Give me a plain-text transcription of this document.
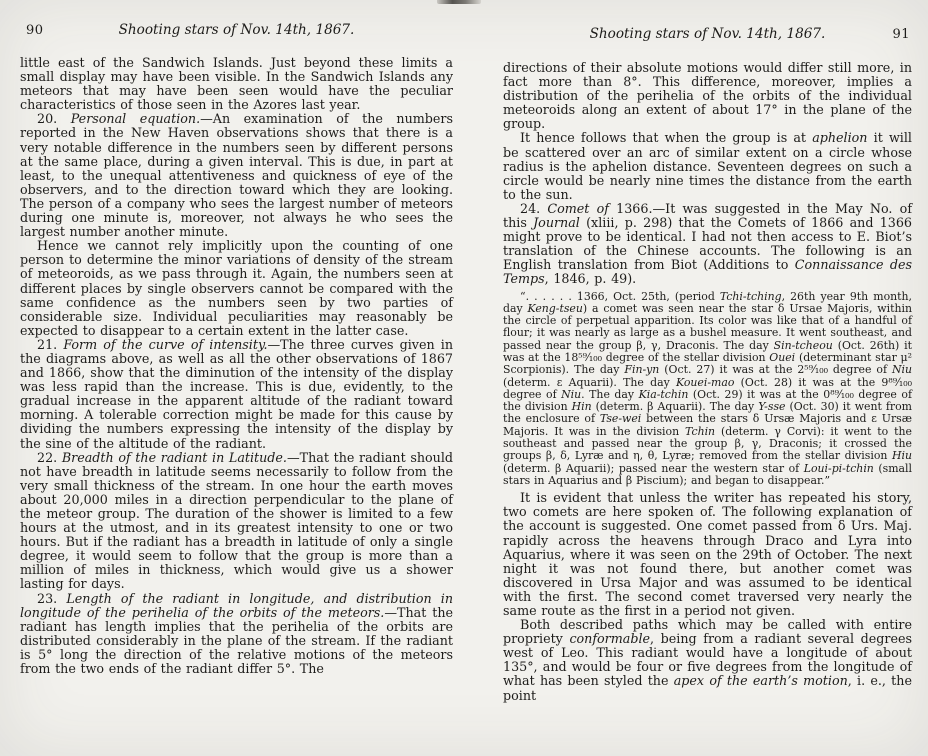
90	Shooting stars of Nov. 14th, 1867.

little east of the Sandwich Islands. Just beyond these limits a small display may have been visible. In the Sandwich Islands any meteors that may have been seen would have the peculiar characteristics of those seen in the Azores last year.

20. Personal equation.—An examination of the numbers reported in the New Haven observations shows that there is a very notable difference in the numbers seen by different persons at the same place, during a given interval. This is due, in part at least, to the unequal attentiveness and quickness of eye of the observers, and to the direction toward which they are looking. The person of a company who sees the largest number of meteors during one minute is, moreover, not always he who sees the largest number another minute.

Hence we cannot rely implicitly upon the counting of one person to determine the minor variations of density of the stream of meteoroids, as we pass through it. Again, the numbers seen at different places by single observers cannot be compared with the same confidence as the numbers seen by two parties of considerable size. Individual peculiarities may reasonably be expected to disappear to a certain extent in the latter case.

21. Form of the curve of intensity.—The three curves given in the diagrams above, as well as all the other observations of 1867 and 1866, show that the diminution of the intensity of the display was less rapid than the increase. This is due, evidently, to the gradual increase in the apparent altitude of the radiant toward morning. A tolerable correction might be made for this cause by dividing the numbers expressing the intensity of the display by the sine of the altitude of the radiant.

22. Breadth of the radiant in Latitude.—That the radiant should not have breadth in latitude seems necessarily to follow from the very small thickness of the stream. In one hour the earth moves about 20,000 miles in a direction perpendicular to the plane of the meteor group. The duration of the shower is limited to a few hours at the utmost, and in its greatest intensity to one or two hours. But if the radiant has a breadth in latitude of only a single degree, it would seem to follow that the group is more than a million of miles in thickness, which would give us a shower lasting for days.

23. Length of the radiant in longitude, and distribution in longitude of the perihelia of the orbits of the meteors.—That the radiant has length implies that the perihelia of the orbits are distributed considerably in the plane of the stream. If the radiant is 5° long the direction of the relative motions of the meteors from the two ends of the radiant differ 5°. The

Shooting stars of Nov. 14th, 1867.	91

directions of their absolute motions would differ still more, in fact more than 8°. This difference, moreover, implies a distribution of the perihelia of the orbits of the individual meteoroids along an extent of about 17° in the plane of the group.

It hence follows that when the group is at aphelion it will be scattered over an arc of similar extent on a circle whose radius is the aphelion distance. Seventeen degrees on such a circle would be nearly nine times the distance from the earth to the sun.

24. Comet of 1366.—It was suggested in the May No. of this Journal (xliii, p. 298) that the Comets of 1866 and 1366 might prove to be identical. I had not then access to E. Biot’s translation of the Chinese accounts. The following is an English translation from Biot (Additions to Connaissance des Temps, 1846, p. 49).

“. . . . . . 1366, Oct. 25th, (period Tchi-tching, 26th year 9th month, day Keng-tseu) a comet was seen near the star δ Ursae Majoris, within the circle of perpetual apparition. Its color was like that of a handful of flour; it was nearly as large as a bushel measure. It went southeast, and passed near the group β, γ, Draconis. The day Sin-tcheou (Oct. 26th) it was at the 18⁵⁹⁄₁₀₀ degree of the stellar division Ouei (determinant star μ² Scorpionis). The day Fin-yn (Oct. 27) it was at the 2⁵⁹⁄₁₀₀ degree of Niu (determ. ε Aquarii). The day Kouei-mao (Oct. 28) it was at the 9⁸⁹⁄₁₀₀ degree of Niu. The day Kia-tchin (Oct. 29) it was at the 0⁸⁹⁄₁₀₀ degree of the division Hin (determ. β Aquarii). The day Y-sse (Oct. 30) it went from the enclosure of Tse-wei between the stars δ Ursæ Majoris and ε Ursæ Majoris. It was in the division Tchin (determ. γ Corvi): it went to the southeast and passed near the group β, γ, Draconis; it crossed the groups β, δ, Lyræ and η, θ, Lyræ; removed from the stellar division Hiu (determ. β Aquarii); passed near the western star of Loui-pi-tchin (small stars in Aquarius and β Piscium); and began to disappear.”

It is evident that unless the writer has repeated his story, two comets are here spoken of. The following explanation of the account is suggested. One comet passed from δ Urs. Maj. rapidly across the heavens through Draco and Lyra into Aquarius, where it was seen on the 29th of October. The next night it was not found there, but another comet was discovered in Ursa Major and was assumed to be identical with the first. The second comet traversed very nearly the same route as the first in a period not given.

Both described paths which may be called with entire propriety conformable, being from a radiant several degrees west of Leo. This radiant would have a longitude of about 135°, and would be four or five degrees from the longitude of what has been styled the apex of the earth’s motion, i. e., the point
